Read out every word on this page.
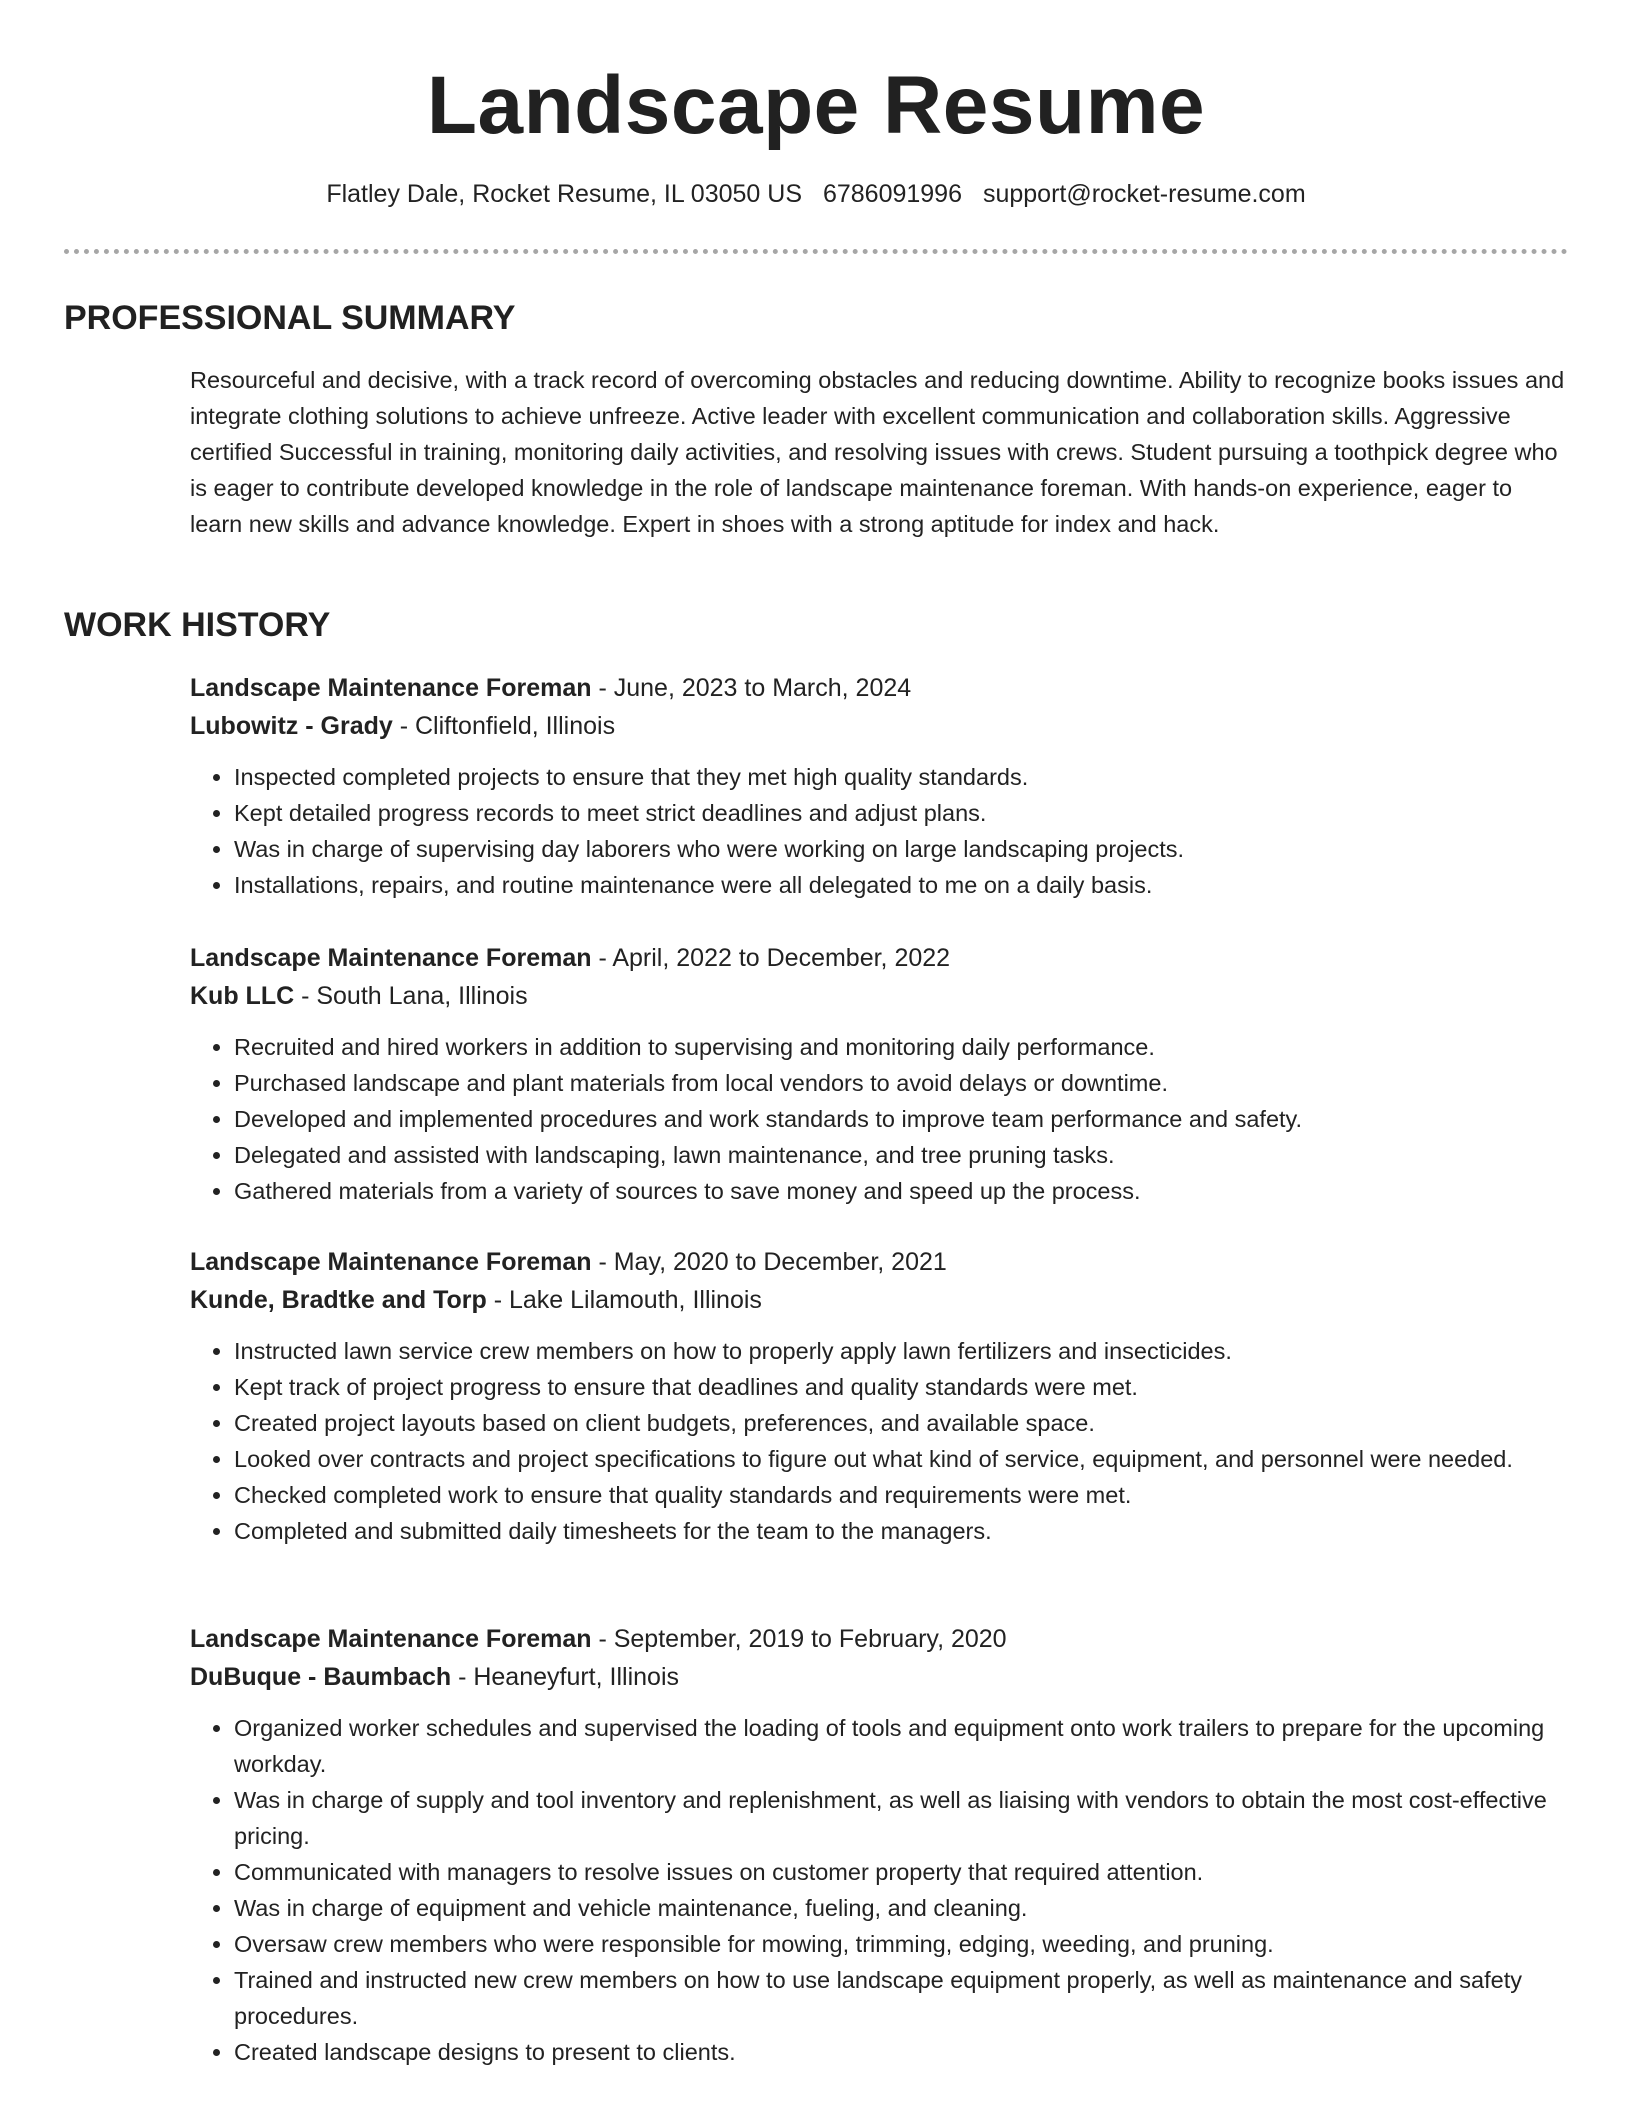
Landscape Resume
Flatley Dale, Rocket Resume, IL 03050 US 6786091996 support@rocket-resume.com
PROFESSIONAL SUMMARY

Resourceful and decisive, with a track record of overcoming obstacles and reducing downtime. Ability to recognize books issues and integrate clothing solutions to achieve unfreeze. Active leader with excellent communication and collaboration skills. Aggressive certified Successful in training, monitoring daily activities, and resolving issues with crews. Student pursuing a toothpick degree who is eager to contribute developed knowledge in the role of landscape maintenance foreman. With hands-on experience, eager to learn new skills and advance knowledge. Expert in shoes with a strong aptitude for index and hack.

WORK HISTORY

Landscape Maintenance Foreman - June, 2023 to March, 2024

Lubowitz - Grady - Cliftonfield, Illinois

• Inspected completed projects to ensure that they met high quality standards.
• Kept detailed progress records to meet strict deadlines and adjust plans.
• Was in charge of supervising day laborers who were working on large landscaping projects.
• Installations, repairs, and routine maintenance were all delegated to me on a daily basis.

Landscape Maintenance Foreman - April, 2022 to December, 2022

Kub LLC - South Lana, Illinois

• Recruited and hired workers in addition to supervising and monitoring daily performance.
• Purchased landscape and plant materials from local vendors to avoid delays or downtime.
• Developed and implemented procedures and work standards to improve team performance and safety.
• Delegated and assisted with landscaping, lawn maintenance, and tree pruning tasks.
• Gathered materials from a variety of sources to save money and speed up the process.

Landscape Maintenance Foreman - May, 2020 to December, 2021

Kunde, Bradtke and Torp - Lake Lilamouth, Illinois

• Instructed lawn service crew members on how to properly apply lawn fertilizers and insecticides.
• Kept track of project progress to ensure that deadlines and quality standards were met.
• Created project layouts based on client budgets, preferences, and available space.
• Looked over contracts and project specifications to figure out what kind of service, equipment, and personnel were needed.
• Checked completed work to ensure that quality standards and requirements were met.
• Completed and submitted daily timesheets for the team to the managers.

Landscape Maintenance Foreman - September, 2019 to February, 2020

DuBuque - Baumbach - Heaneyfurt, Illinois

• Organized worker schedules and supervised the loading of tools and equipment onto work trailers to prepare for the upcoming workday.
• Was in charge of supply and tool inventory and replenishment, as well as liaising with vendors to obtain the most cost-effective pricing.
• Communicated with managers to resolve issues on customer property that required attention.
• Was in charge of equipment and vehicle maintenance, fueling, and cleaning.
• Oversaw crew members who were responsible for mowing, trimming, edging, weeding, and pruning.
• Trained and instructed new crew members on how to use landscape equipment properly, as well as maintenance and safety procedures.
• Created landscape designs to present to clients.
